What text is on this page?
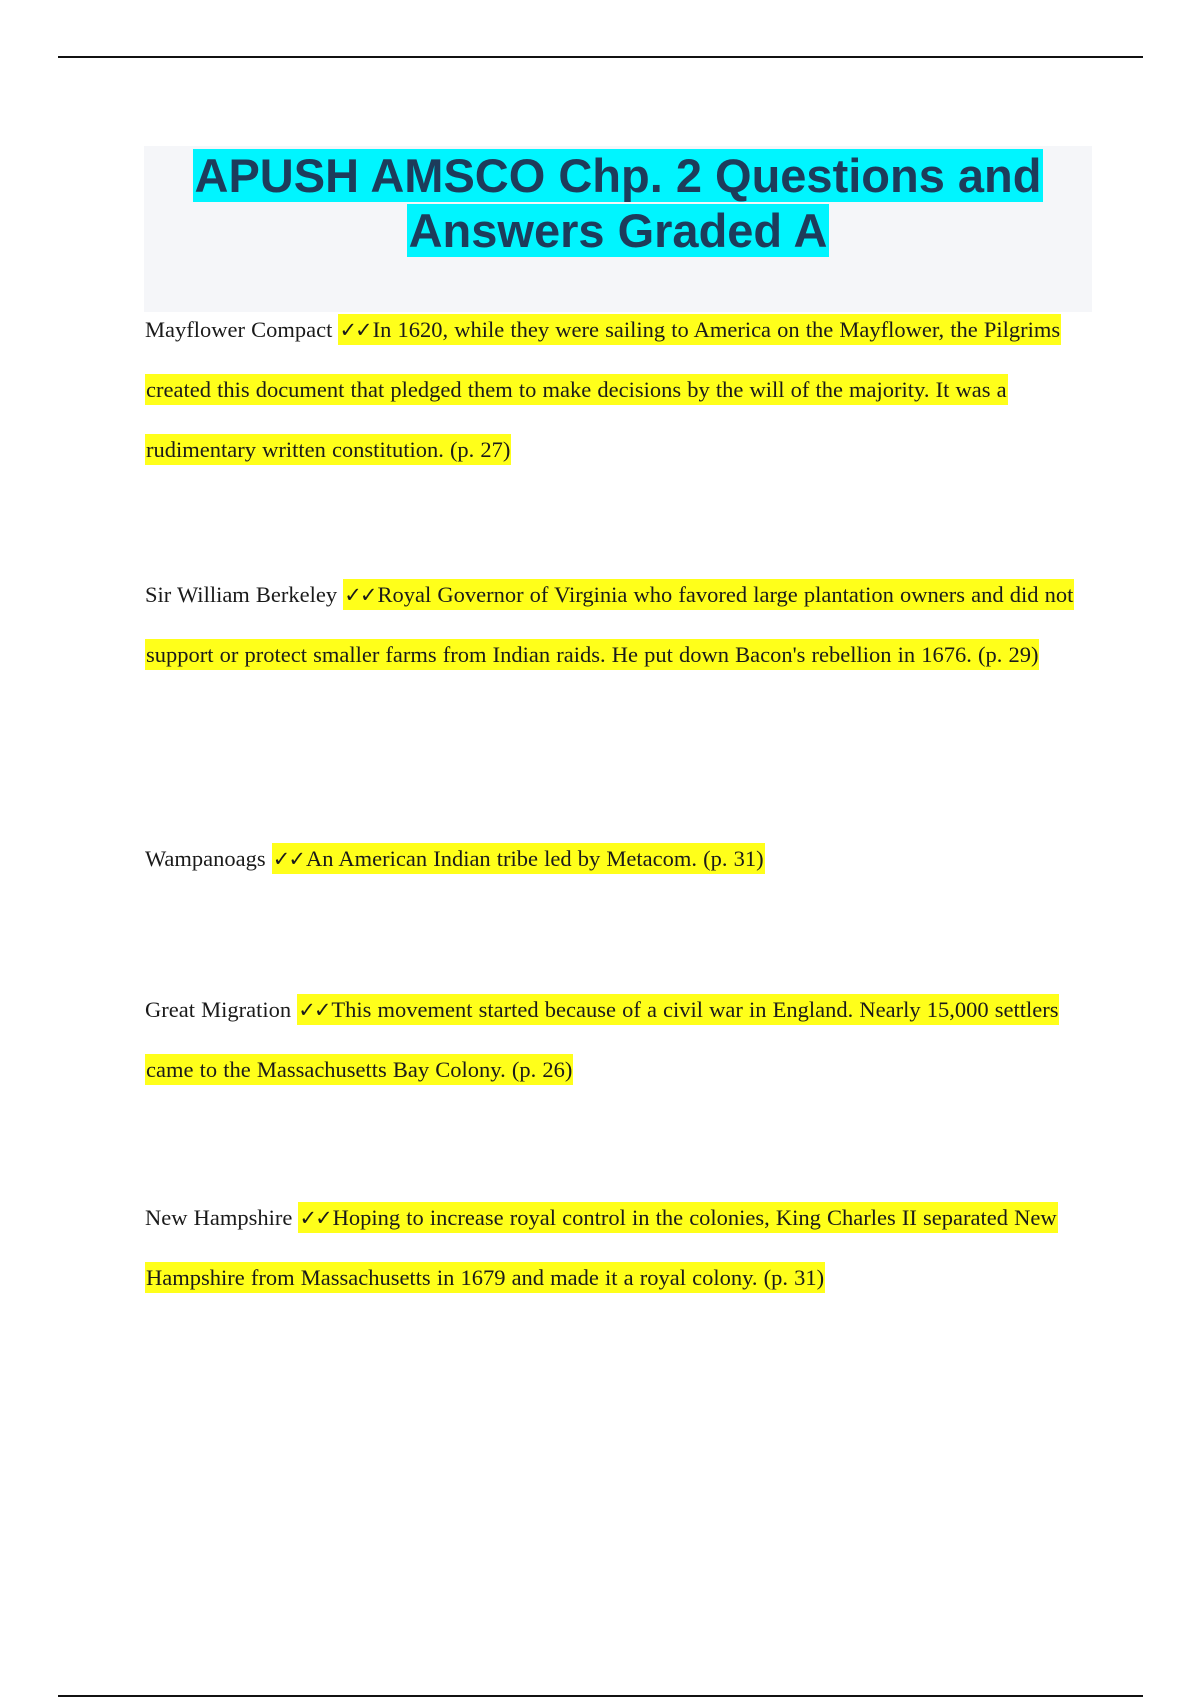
APUSH AMSCO Chp. 2 Questions and Answers Graded A

Mayflower Compact ✓✓In 1620, while they were sailing to America on the Mayflower, the Pilgrims created this document that pledged them to make decisions by the will of the majority. It was a rudimentary written constitution. (p. 27)

Sir William Berkeley ✓✓Royal Governor of Virginia who favored large plantation owners and did not support or protect smaller farms from Indian raids. He put down Bacon's rebellion in 1676. (p. 29)

Wampanoags ✓✓An American Indian tribe led by Metacom. (p. 31)

Great Migration ✓✓This movement started because of a civil war in England. Nearly 15,000 settlers came to the Massachusetts Bay Colony. (p. 26)

New Hampshire ✓✓Hoping to increase royal control in the colonies, King Charles II separated New Hampshire from Massachusetts in 1679 and made it a royal colony. (p. 31)
